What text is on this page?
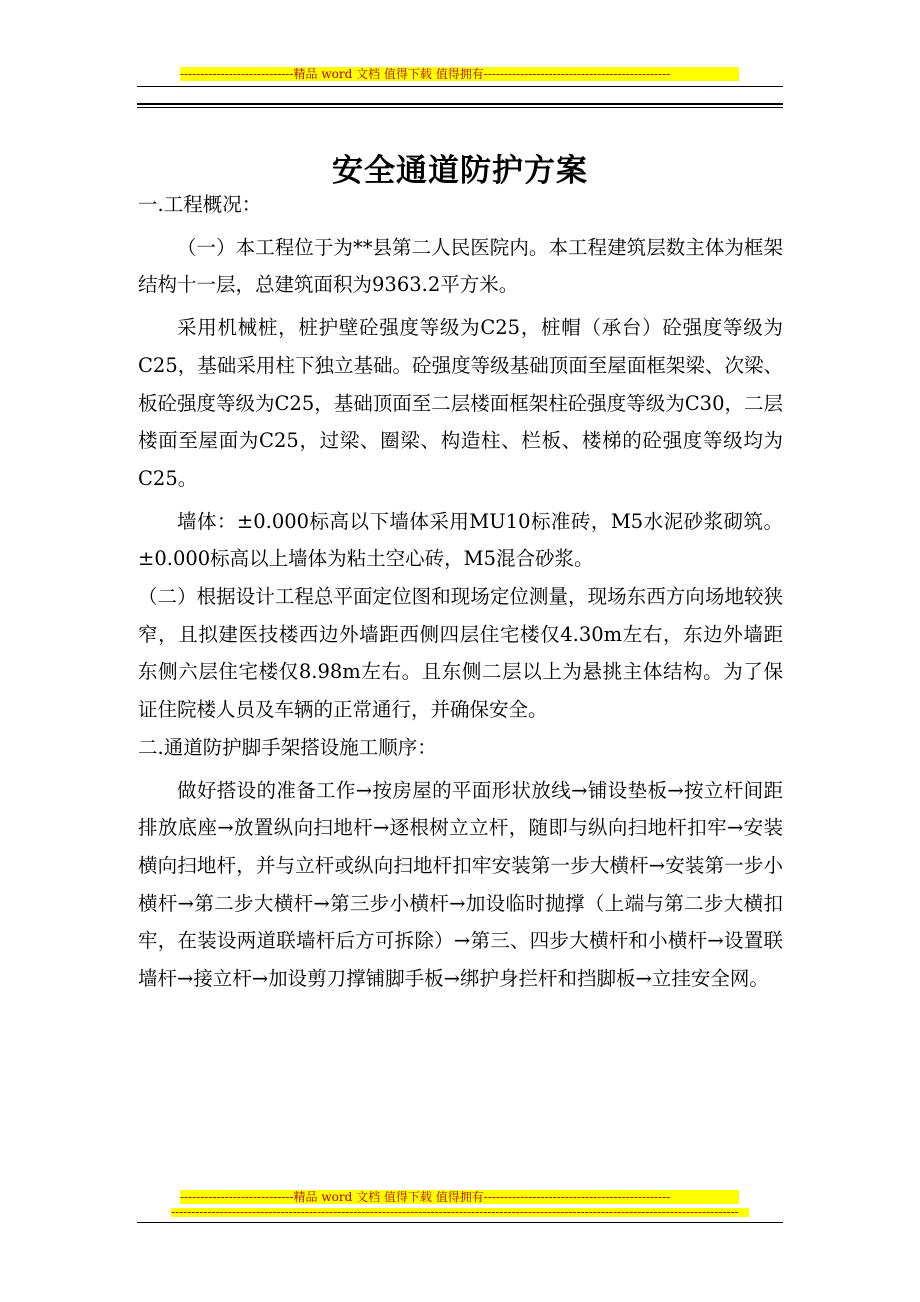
----------------------------精品 word 文档 值得下载 值得拥有----------------------------------------------
安全通道防护方案

一.工程概况：

（一）本工程位于为**县第二人民医院内。本工程建筑层数主体为框架结构十一层，总建筑面积为9363.2平方米。

采用机械桩，桩护壁砼强度等级为C25，桩帽（承台）砼强度等级为C25，基础采用柱下独立基础。砼强度等级基础顶面至屋面框架梁、次梁、板砼强度等级为C25，基础顶面至二层楼面框架柱砼强度等级为C30，二层楼面至屋面为C25，过梁、圈梁、构造柱、栏板、楼梯的砼强度等级均为C25。

墙体：±0.000标高以下墙体采用MU10标准砖，M5水泥砂浆砌筑。±0.000标高以上墙体为粘土空心砖，M5混合砂浆。

（二）根据设计工程总平面定位图和现场定位测量，现场东西方向场地较狭窄，且拟建医技楼西边外墙距西侧四层住宅楼仅4.30m左右，东边外墙距东侧六层住宅楼仅8.98m左右。且东侧二层以上为悬挑主体结构。为了保证住院楼人员及车辆的正常通行，并确保安全。

二.通道防护脚手架搭设施工顺序：

做好搭设的准备工作→按房屋的平面形状放线→铺设垫板→按立杆间距排放底座→放置纵向扫地杆→逐根树立立杆，随即与纵向扫地杆扣牢→安装横向扫地杆，并与立杆或纵向扫地杆扣牢安装第一步大横杆→安装第一步小横杆→第二步大横杆→第三步小横杆→加设临时抛撑（上端与第二步大横扣牢，在装设两道联墙杆后方可拆除）→第三、四步大横杆和小横杆→设置联墙杆→接立杆→加设剪刀撑铺脚手板→绑护身拦杆和挡脚板→立挂安全网。

----------------------------精品 word 文档 值得下载 值得拥有----------------------------------------------
--------------------------------------------------------------------------------------------------------------------------------------------
